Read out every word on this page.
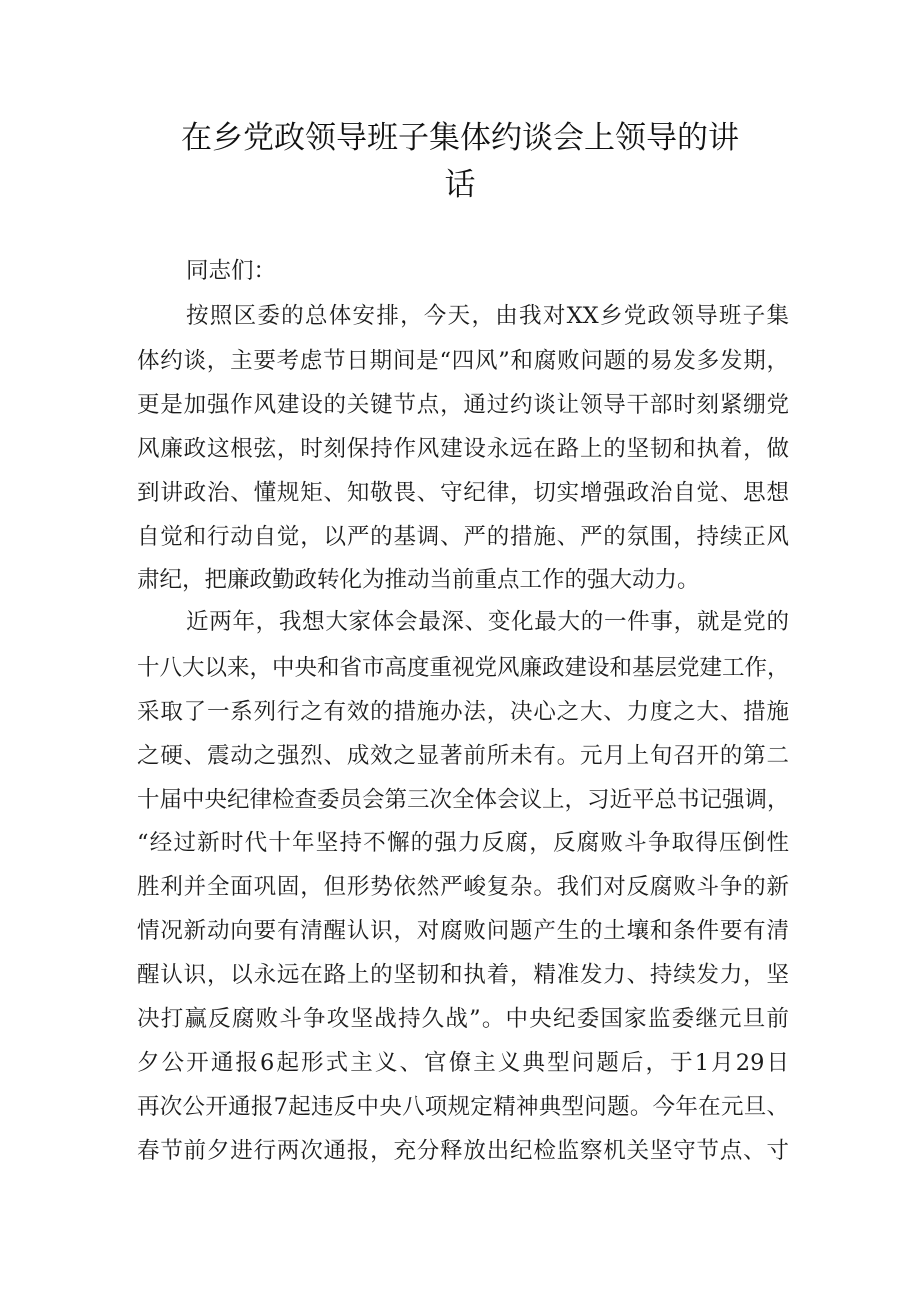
在乡党政领导班子集体约谈会上领导的讲
话
同志们：
按照区委的总体安排，今天，由我对XX乡党政领导班子集
体约谈，主要考虑节日期间是“四风”和腐败问题的易发多发期，
更是加强作风建设的关键节点，通过约谈让领导干部时刻紧绷党
风廉政这根弦，时刻保持作风建设永远在路上的坚韧和执着，做
到讲政治、懂规矩、知敬畏、守纪律，切实增强政治自觉、思想
自觉和行动自觉，以严的基调、严的措施、严的氛围，持续正风
肃纪，把廉政勤政转化为推动当前重点工作的强大动力。
近两年，我想大家体会最深、变化最大的一件事，就是党的
十八大以来，中央和省市高度重视党风廉政建设和基层党建工作，
采取了一系列行之有效的措施办法，决心之大、力度之大、措施
之硬、震动之强烈、成效之显著前所未有。元月上旬召开的第二
十届中央纪律检查委员会第三次全体会议上，习近平总书记强调，
“经过新时代十年坚持不懈的强力反腐，反腐败斗争取得压倒性
胜利并全面巩固，但形势依然严峻复杂。我们对反腐败斗争的新
情况新动向要有清醒认识，对腐败问题产生的土壤和条件要有清
醒认识，以永远在路上的坚韧和执着，精准发力、持续发力，坚
决打赢反腐败斗争攻坚战持久战”。中央纪委国家监委继元旦前
夕公开通报6起形式主义、官僚主义典型问题后，于1月29日
再次公开通报7起违反中央八项规定精神典型问题。今年在元旦、
春节前夕进行两次通报，充分释放出纪检监察机关坚守节点、寸
